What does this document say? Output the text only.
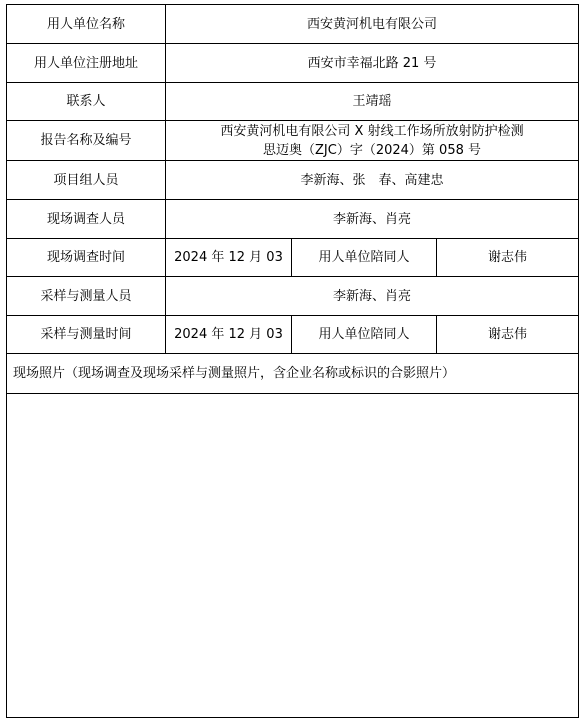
用人单位名称	西安黄河机电有限公司		
用人单位注册地址	西安市幸福北路 21 号		
联系人	王靖瑶		
报告名称及编号	西安黄河机电有限公司 X 射线工作场所放射防护检测
思迈奥（ZJC）字（2024）第 058 号		

项目组人员	李新海、张　春、高建忠		
现场调查人员	李新海、肖亮		
现场调查时间	2024 年 12 月 03	用人单位陪同人	谢志伟
采样与测量人员	李新海、肖亮		
采样与测量时间	2024 年 12 月 03	用人单位陪同人	谢志伟
现场照片（现场调查及现场采样与测量照片，含企业名称或标识的合影照片）			
